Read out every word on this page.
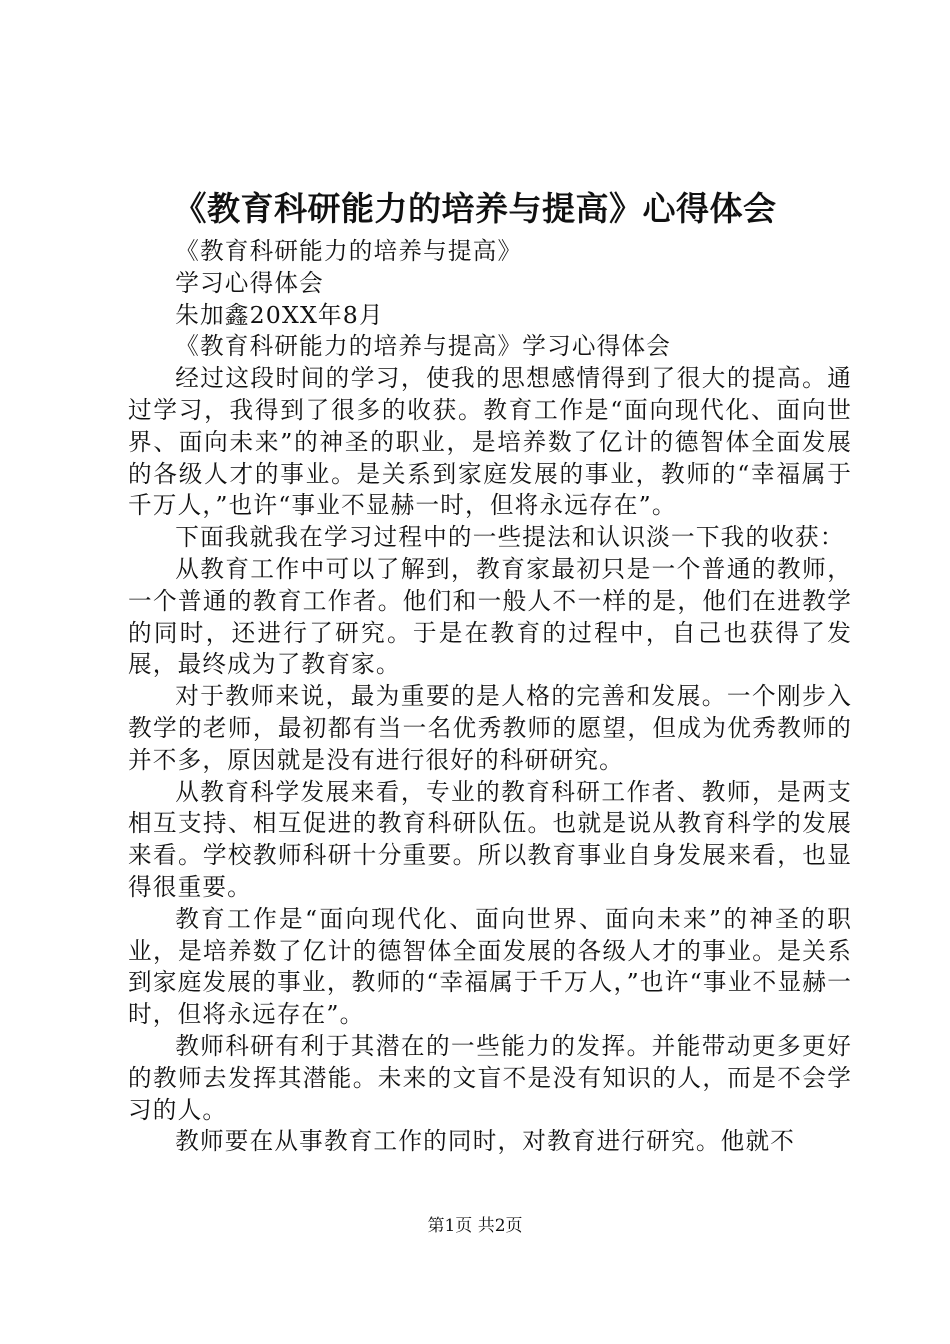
《教育科研能力的培养与提高》心得体会

《教育科研能力的培养与提高》

学习心得体会

朱加鑫20XX年8月

《教育科研能力的培养与提高》学习心得体会

经过这段时间的学习，使我的思想感情得到了很大的提高。通过学习，我得到了很多的收获。教育工作是“面向现代化、面向世界、面向未来”的神圣的职业，是培养数了亿计的德智体全面发展的各级人才的事业。是关系到家庭发展的事业，教师的“幸福属于千万人，”也许“事业不显赫一时，但将永远存在”。

下面我就我在学习过程中的一些提法和认识淡一下我的收获：

从教育工作中可以了解到，教育家最初只是一个普通的教师，一个普通的教育工作者。他们和一般人不一样的是，他们在进教学的同时，还进行了研究。于是在教育的过程中，自己也获得了发展，最终成为了教育家。

对于教师来说，最为重要的是人格的完善和发展。一个刚步入教学的老师，最初都有当一名优秀教师的愿望，但成为优秀教师的并不多，原因就是没有进行很好的科研研究。

从教育科学发展来看，专业的教育科研工作者、教师，是两支相互支持、相互促进的教育科研队伍。也就是说从教育科学的发展来看。学校教师科研十分重要。所以教育事业自身发展来看，也显得很重要。

教育工作是“面向现代化、面向世界、面向未来”的神圣的职业，是培养数了亿计的德智体全面发展的各级人才的事业。是关系到家庭发展的事业，教师的“幸福属于千万人，”也许“事业不显赫一时，但将永远存在”。

教师科研有利于其潜在的一些能力的发挥。并能带动更多更好的教师去发挥其潜能。未来的文盲不是没有知识的人，而是不会学习的人。

教师要在从事教育工作的同时，对教育进行研究。他就不

第1页 共2页
